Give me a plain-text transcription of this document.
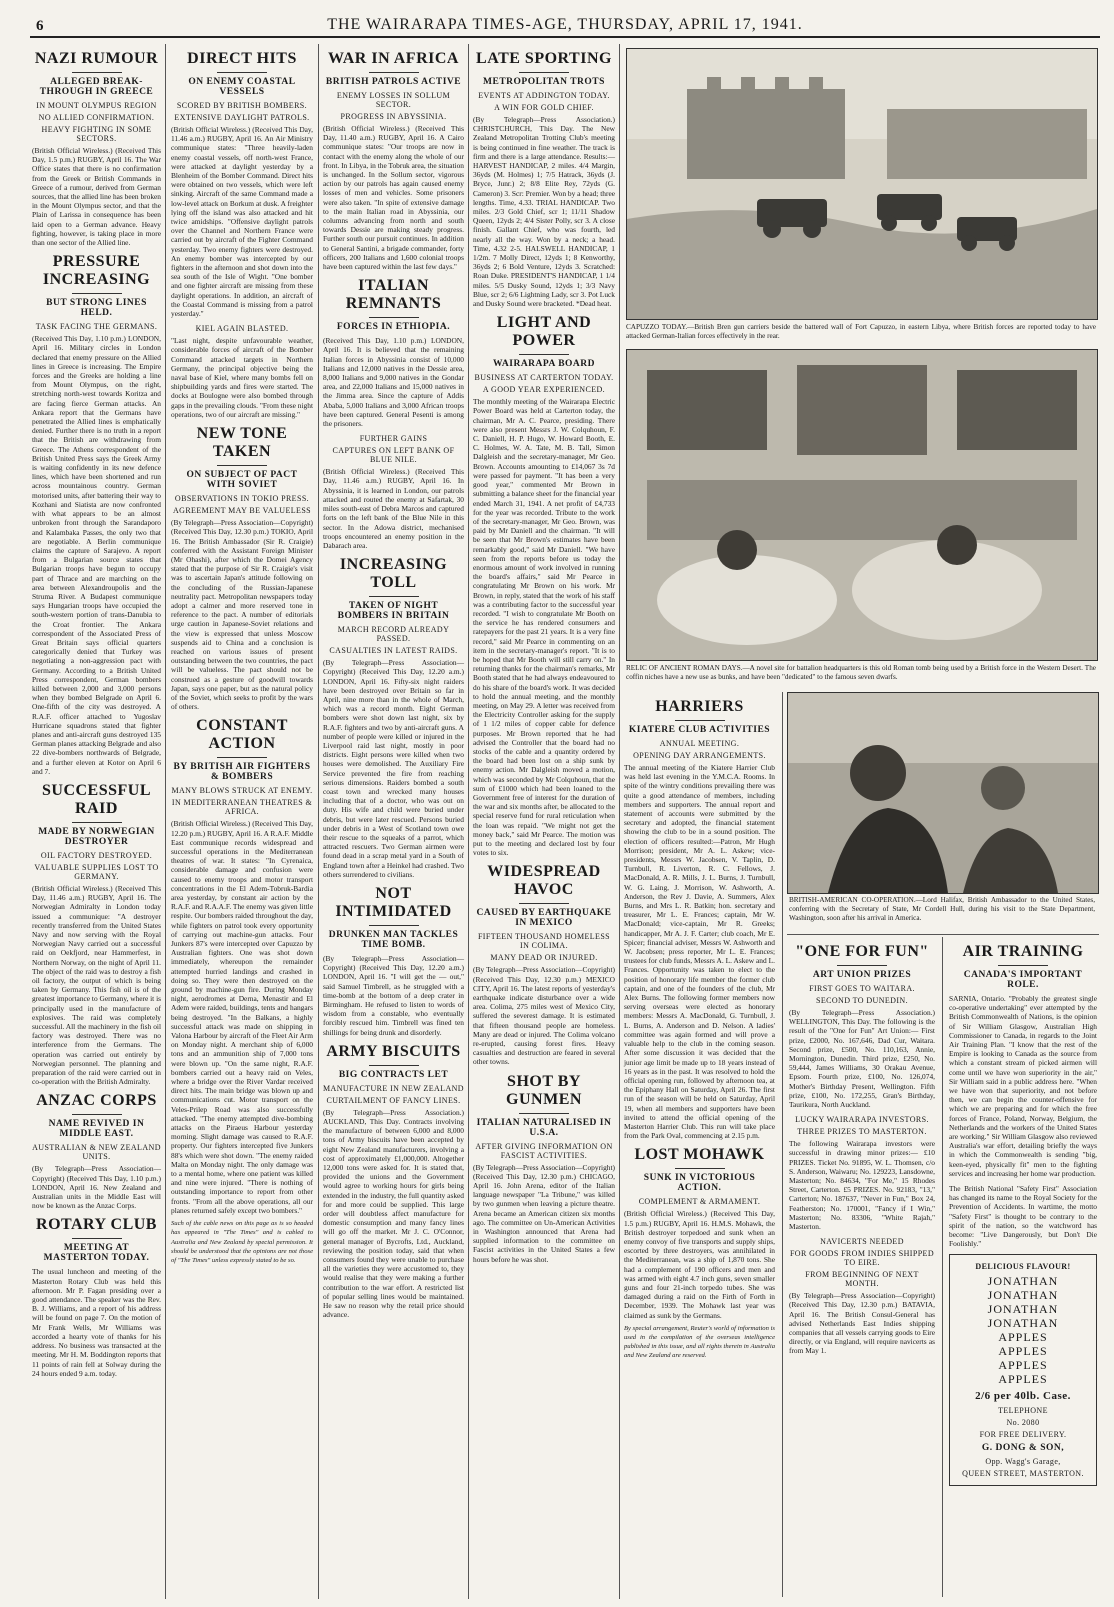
6	THE WAIRARAPA TIMES-AGE, THURSDAY, APRIL 17, 1941.
NAZI RUMOUR
ALLEGED BREAK-THROUGH IN GREECE
IN MOUNT OLYMPUS REGION
NO ALLIED CONFIRMATION.
HEAVY FIGHTING IN SOME SECTORS.

(British Official Wireless.) (Received This Day, 1.5 p.m.) RUGBY, April 16. The War Office states that there is no confirmation from the Greek or British Commands in Greece of a rumour, derived from German sources, that the allied line has been broken in the Mount Olympus sector, and that the Plain of Larissa in consequence has been laid open to a German advance. Heavy fighting, however, is taking place in more than one sector of the Allied line.

PRESSURE INCREASING
BUT STRONG LINES HELD.
TASK FACING THE GERMANS.

(Received This Day, 1.10 p.m.) LONDON, April 16. Military circles in London declared that enemy pressure on the Allied lines in Greece is increasing. The Empire forces and the Greeks are holding a line from Mount Olympus, on the right, stretching north-west towards Koritza and are facing fierce German attacks. An Ankara report that the Germans have penetrated the Allied lines is emphatically denied. Further there is no truth in a report that the British are withdrawing from Greece. The Athens correspondent of the British United Press says the Greek Army is waiting confidently in its new defence lines, which have been shortened and run across mountainous country. German motorised units, after battering their way to Kozhani and Siatista are now confronted with what appears to be an almost unbroken front through the Sarandaporo and Kalambaka Passes, the only two that are negotiable. A Berlin communique claims the capture of Sarajevo. A report from a Bulgarian source states that Bulgarian troops have begun to occupy part of Thrace and are marching on the area between Alexandroupolis and the Struma River. A Budapest communique says Hungarian troops have occupied the south-western portion of trans-Danubia to the Croat frontier. The Ankara correspondent of the Associated Press of Great Britain says official quarters categorically denied that Turkey was negotiating a non-aggression pact with Germany. According to a British United Press correspondent, German bombers killed between 2,000 and 3,000 persons when they bombed Belgrade on April 6. One-fifth of the city was destroyed. A R.A.F. officer attached to Yugoslav Hurricane squadrons stated that fighter planes and anti-aircraft guns destroyed 135 German planes attacking Belgrade and also 22 dive-bombers northwards of Belgrade, and a further eleven at Kotor on April 6 and 7.

SUCCESSFUL RAID
MADE BY NORWEGIAN DESTROYER
OIL FACTORY DESTROYED.
VALUABLE SUPPLIES LOST TO GERMANY.

(British Official Wireless.) (Received This Day, 11.46 a.m.) RUGBY, April 16. The Norwegian Admiralty in London today issued a communique: "A destroyer recently transferred from the United States Navy and now serving with the Royal Norwegian Navy carried out a successful raid on Oekfjord, near Hammerfest, in Northern Norway, on the night of April 11. The object of the raid was to destroy a fish oil factory, the output of which is being taken by Germany. This fish oil is of the greatest importance to Germany, where it is principally used in the manufacture of explosives. The raid was completely successful. All the machinery in the fish oil factory was destroyed. There was no interference from the Germans. The operation was carried out entirely by Norwegian personnel. The planning and preparation of the raid were carried out in co-operation with the British Admiralty.

ANZAC CORPS
NAME REVIVED IN MIDDLE EAST.
AUSTRALIAN & NEW ZEALAND UNITS.

(By Telegraph—Press Association—Copyright) (Received This Day, 1.10 p.m.) LONDON, April 16. New Zealand and Australian units in the Middle East will now be known as the Anzac Corps.

ROTARY CLUB
MEETING AT MASTERTON TODAY.

The usual luncheon and meeting of the Masterton Rotary Club was held this afternoon. Mr P. Fagan presiding over a good attendance. The speaker was the Rev. B. J. Williams, and a report of his address will be found on page 7. On the motion of Mr Frank Wells, Mr Williams was accorded a hearty vote of thanks for his address. No business was transacted at the meeting. Mr H. M. Boddington reports that 11 points of rain fell at Solway during the 24 hours ended 9 a.m. today.

DIRECT HITS
ON ENEMY COASTAL VESSELS
SCORED BY BRITISH BOMBERS.
EXTENSIVE DAYLIGHT PATROLS.

(British Official Wireless.) (Received This Day, 11.46 a.m.) RUGBY, April 16. An Air Ministry communique states: "Three heavily-laden enemy coastal vessels, off north-west France, were attacked at daylight yesterday by a Blenheim of the Bomber Command. Direct hits were obtained on two vessels, which were left sinking. Aircraft of the same Command made a low-level attack on Borkum at dusk. A freighter lying off the island was also attacked and hit twice amidships. "Offensive daylight patrols over the Channel and Northern France were carried out by aircraft of the Fighter Command yesterday. Two enemy fighters were destroyed. An enemy bomber was intercepted by our fighters in the afternoon and shot down into the sea south of the Isle of Wight. "One bomber and one fighter aircraft are missing from these daylight operations. In addition, an aircraft of the Coastal Command is missing from a patrol yesterday."

KIEL AGAIN BLASTED.

"Last night, despite unfavourable weather, considerable forces of aircraft of the Bomber Command attacked targets in Northern Germany, the principal objective being the naval base of Kiel, where many bombs fell on shipbuilding yards and fires were started. The docks at Boulogne were also bombed through gaps in the prevailing clouds. "From these night operations, two of our aircraft are missing."

NEW TONE TAKEN
ON SUBJECT OF PACT WITH SOVIET
OBSERVATIONS IN TOKIO PRESS.
AGREEMENT MAY BE VALUELESS

(By Telegraph—Press Association—Copyright) (Received This Day, 12.30 p.m.) TOKIO, April 16. The British Ambassador (Sir R. Craigie) conferred with the Assistant Foreign Minister (Mr Ohashi), after which the Domei Agency stated that the purpose of Sir R. Craigie's visit was to ascertain Japan's attitude following on the concluding of the Russian-Japanese neutrality pact. Metropolitan newspapers today adopt a calmer and more reserved tone in reference to the pact. A number of editorials urge caution in Japanese-Soviet relations and the view is expressed that unless Moscow suspends aid to China and a conclusion is reached on various issues of present outstanding between the two countries, the pact will be valueless. The pact should not be construed as a gesture of goodwill towards Japan, says one paper, but as the natural policy of the Soviet, which seeks to profit by the wars of others.

CONSTANT ACTION
BY BRITISH AIR FIGHTERS & BOMBERS
MANY BLOWS STRUCK AT ENEMY.
IN MEDITERRANEAN THEATRES & AFRICA.

(British Official Wireless.) (Received This Day, 12.20 p.m.) RUGBY, April 16. A R.A.F. Middle East communique records widespread and successful operations in the Mediterranean theatres of war. It states: "In Cyrenaica, considerable damage and confusion were caused to enemy troops and motor transport concentrations in the El Adem-Tobruk-Bardia area yesterday, by constant air action by the R.A.F. and R.A.A.F. The enemy was given little respite. Our bombers raided throughout the day, while fighters on patrol took every opportunity of carrying out machine-gun attacks. Four Junkers 87's were intercepted over Capuzzo by Australian fighters. One was shot down immediately, whereupon the remainder attempted hurried landings and crashed in doing so. They were then destroyed on the ground by machine-gun fire. During Monday night, aerodromes at Derna, Menastir and El Adem were raided, buildings, tents and hangars being destroyed. "In the Balkans, a highly successful attack was made on shipping in Valona Harbour by aircraft of the Fleet Air Arm on Monday night. A merchant ship of 6,000 tons and an ammunition ship of 7,000 tons were blown up. "On the same night, R.A.F. bombers carried out a heavy raid on Veles, where a bridge over the River Vardar received direct hits. The main bridge was blown up and communications cut. Motor transport on the Veles-Prilep Road was also successfully attacked. "The enemy attempted dive-bombing attacks on the Piraeus Harbour yesterday morning. Slight damage was caused to R.A.F. property. Our fighters intercepted five Junkers 88's which were shot down. "The enemy raided Malta on Monday night. The only damage was to a mental home, where one patient was killed and nine were injured. "There is nothing of outstanding importance to report from other fronts. "From all the above operations, all our planes returned safely except two bombers."

Such of the cable news on this page as is so headed has appeared in "The Times" and is cabled to Australia and New Zealand by special permission. It should be understood that the opinions are not those of "The Times" unless expressly stated to be so.

WAR IN AFRICA
BRITISH PATROLS ACTIVE
ENEMY LOSSES IN SOLLUM SECTOR.
PROGRESS IN ABYSSINIA.

(British Official Wireless.) (Received This Day, 11.40 a.m.) RUGBY, April 16. A Cairo communique states: "Our troops are now in contact with the enemy along the whole of our front. In Libya, in the Tobruk area, the situation is unchanged. In the Sollum sector, vigorous action by our patrols has again caused enemy losses of men and vehicles. Some prisoners were also taken. "In spite of extensive damage to the main Italian road in Abyssinia, our columns advancing from north and south towards Dessie are making steady progress. Further south our pursuit continues. In addition to General Santini, a brigade commander, forty officers, 200 Italians and 1,600 colonial troops have been captured within the last few days."

ITALIAN REMNANTS
FORCES IN ETHIOPIA.

(Received This Day, 1.10 p.m.) LONDON, April 16. It is believed that the remaining Italian forces in Abyssinia consist of 10,000 Italians and 12,000 natives in the Dessie area, 8,000 Italians and 9,000 natives in the Gondar area, and 22,000 Italians and 15,000 natives in the Jimma area. Since the capture of Addis Ababa, 5,000 Italians and 3,000 African troops have been captured. General Pesenti is among the prisoners.

FURTHER GAINS
CAPTURES ON LEFT BANK OF BLUE NILE.

(British Official Wireless.) (Received This Day, 11.46 a.m.) RUGBY, April 16. In Abyssinia, it is learned in London, our patrols attacked and routed the enemy at Safartak, 30 miles south-east of Debra Marcos and captured forts on the left bank of the Blue Nile in this sector. In the Adowa district, mechanised troops encountered an enemy position in the Dabarach area.

INCREASING TOLL
TAKEN OF NIGHT BOMBERS IN BRITAIN
MARCH RECORD ALREADY PASSED.
CASUALTIES IN LATEST RAIDS.

(By Telegraph—Press Association—Copyright) (Received This Day, 12.20 a.m.) LONDON, April 16. Fifty-six night raiders have been destroyed over Britain so far in April, nine more than in the whole of March, which was a record month. Eight German bombers were shot down last night, six by R.A.F. fighters and two by anti-aircraft guns. A number of people were killed or injured in the Liverpool raid last night, mostly in poor districts. Eight persons were killed when two houses were demolished. The Auxiliary Fire Service prevented the fire from reaching serious dimensions. Raiders bombed a south coast town and wrecked many houses including that of a doctor, who was out on duty. His wife and child were buried under debris, but were later rescued. Persons buried under debris in a West of Scotland town owe their rescue to the squeaks of a parrot, which attracted rescuers. Two German airmen were found dead in a scrap metal yard in a South of England town after a Heinkel had crashed. Two others surrendered to civilians.

NOT INTIMIDATED
DRUNKEN MAN TACKLES TIME BOMB.

(By Telegraph—Press Association—Copyright) (Received This Day, 12.20 a.m.) LONDON, April 16. "I will get the — out," said Samuel Timbrell, as he struggled with a time-bomb at the bottom of a deep crater in Birmingham. He refused to listen to words of wisdom from a constable, who eventually forcibly rescued him. Timbrell was fined ten shillings for being drunk and disorderly.

ARMY BISCUITS
BIG CONTRACTS LET
MANUFACTURE IN NEW ZEALAND
CURTAILMENT OF FANCY LINES.

(By Telegraph—Press Association.) AUCKLAND, This Day. Contracts involving the manufacture of between 6,000 and 8,000 tons of Army biscuits have been accepted by eight New Zealand manufacturers, involving a cost of approximately £1,000,000. Altogether 12,000 tons were asked for. It is stated that, provided the unions and the Government would agree to working hours for girls being extended in the industry, the full quantity asked for and more could be supplied. This large order will doubtless affect manufacture for domestic consumption and many fancy lines will go off the market. Mr J. C. O'Connor, general manager of Bycrofts, Ltd., Auckland, reviewing the position today, said that when consumers found they were unable to purchase all the varieties they were accustomed to, they would realise that they were making a further contribution to the war effort. A restricted list of popular selling lines would be maintained. He saw no reason why the retail price should advance.

LATE SPORTING
METROPOLITAN TROTS
EVENTS AT ADDINGTON TODAY.
A WIN FOR GOLD CHIEF.

(By Telegraph—Press Association.) CHRISTCHURCH, This Day. The New Zealand Metropolitan Trotting Club's meeting is being continued in fine weather. The track is firm and there is a large attendance. Results:— HARVEST HANDICAP, 2 miles. 4/4 Margin, 36yds (M. Holmes) 1; 7/5 Hatrack, 36yds (J. Bryce, Junr.) 2; 8/8 Elite Rey, 72yds (G. Cameron) 3. Scr: Premier. Won by a head; three lengths. Time, 4.33. TRIAL HANDICAP. Two miles. 2/3 Gold Chief, scr 1; 11/11 Shadow Queen, 12yds 2; 4/4 Sister Polly, scr 3. A close finish. Gallant Chief, who was fourth, led nearly all the way. Won by a neck; a head. Time, 4.32 2-5. HALSWELL HANDICAP, 1 1/2m. 7 Molly Direct, 12yds 1; 8 Kenworthy, 36yds 2; 6 Bold Venture, 12yds 3. Scratched: Roan Duke. PRESIDENT'S HANDICAP, 1 1/4 miles. 5/5 Dusky Sound, 12yds 1; 3/3 Navy Blue, scr 2; 6/6 Lightning Lady, scr 3. Pot Luck and Dusky Sound were bracketed. *Dead heat.

LIGHT AND POWER
WAIRARAPA BOARD
BUSINESS AT CARTERTON TODAY.
A GOOD YEAR EXPERIENCED.

The monthly meeting of the Wairarapa Electric Power Board was held at Carterton today, the chairman, Mr A. C. Pearce, presiding. There were also present Messrs J. W. Colquhoun, F. C. Daniell, H. P. Hugo, W. Howard Booth, E. C. Holmes, W. A. Tate, M. B. Tall, Simon Dalgleish and the secretary-manager, Mr Geo. Brown. Accounts amounting to £14,067 3s 7d were passed for payment. "It has been a very good year," commented Mr Brown in submitting a balance sheet for the financial year ended March 31, 1941. A net profit of £4,733 for the year was recorded. Tribute to the work of the secretary-manager, Mr Geo. Brown, was paid by Mr Daniell and the chairman. "It will be seen that Mr Brown's estimates have been remarkably good," said Mr Daniell. "We have seen from the reports before us today the enormous amount of work involved in running the board's affairs," said Mr Pearce in congratulating Mr Brown on his work. Mr Brown, in reply, stated that the work of his staff was a contributing factor to the successful year recorded. "I wish to congratulate Mr Booth on the service he has rendered consumers and ratepayers for the past 21 years. It is a very fine record," said Mr Pearce in commenting on an item in the secretary-manager's report. "It is to be hoped that Mr Booth will still carry on." In returning thanks for the chairman's remarks, Mr Booth stated that he had always endeavoured to do his share of the board's work. It was decided to hold the annual meeting, and the monthly meeting, on May 29. A letter was received from the Electricity Controller asking for the supply of 1 1/2 miles of copper cable for defence purposes. Mr Brown reported that he had advised the Controller that the board had no stocks of the cable and a quantity ordered by the board had been lost on a ship sunk by enemy action. Mr Dalgleish moved a motion, which was seconded by Mr Colquhoun, that the sum of £1000 which had been loaned to the Government free of interest for the duration of the war and six months after, be allocated to the special reserve fund for rural reticulation when the loan was repaid. "We might not get the money back," said Mr Pearce. The motion was put to the meeting and declared lost by four votes to six.

WIDESPREAD HAVOC
CAUSED BY EARTHQUAKE IN MEXICO
FIFTEEN THOUSAND HOMELESS IN COLIMA.
MANY DEAD OR INJURED.

(By Telegraph—Press Association—Copyright) (Received This Day, 12.30 p.m.) MEXICO CITY, April 16. The latest reports of yesterday's earthquake indicate disturbance over a wide area. Colima, 275 miles west of Mexico City, suffered the severest damage. It is estimated that fifteen thousand people are homeless. Many are dead or injured. The Colima volcano re-erupted, causing forest fires. Heavy casualties and destruction are feared in several other towns.

SHOT BY GUNMEN
ITALIAN NATURALISED IN U.S.A.
AFTER GIVING INFORMATION ON FASCIST ACTIVITIES.

(By Telegraph—Press Association—Copyright) (Received This Day, 12.30 p.m.) CHICAGO, April 16. John Arena, editor of the Italian language newspaper "La Tribune," was killed by two gunmen when leaving a picture theatre. Arena became an American citizen six months ago. The committee on Un-American Activities in Washington announced that Arena had supplied information to the committee on Fascist activities in the United States a few hours before he was shot.

CAPUZZO TODAY.—British Bren gun carriers beside the battered wall of Fort Capuzzo, in eastern Libya, where British forces are reported today to have attacked German-Italian forces effectively in the rear.
RELIC OF ANCIENT ROMAN DAYS.—A novel site for battalion headquarters is this old Roman tomb being used by a British force in the Western Desert. The coffin niches have a new use as bunks, and have been "dedicated" to the famous seven dwarfs.
HARRIERS
KIATERE CLUB ACTIVITIES
ANNUAL MEETING.
OPENING DAY ARRANGEMENTS.

The annual meeting of the Kiatere Harrier Club was held last evening in the Y.M.C.A. Rooms. In spite of the wintry conditions prevailing there was quite a good attendance of members, including members and supporters. The annual report and statement of accounts were submitted by the secretary and adopted, the financial statement showing the club to be in a sound position. The election of officers resulted:—Patron, Mr Hugh Morrison; president, Mr A. L. Askew; vice-presidents, Messrs W. Jacobsen, V. Taplin, D. Turnbull, R. Liverton, R. C. Fellows, J. MacDonald, A. R. Mills, J. L. Burns, J. Turnbull, W. G. Laing, J. Morrison, W. Ashworth, A. Anderson, the Rev J. Davie, A. Summers, Alex Burns, and Mrs L. R. Batkin; hon. secretary and treasurer, Mr L. E. Frances; captain, Mr W. MacDonald; vice-captain, Mr R. Greeks; handicapper, Mr A. J. F. Carter; club coach, Mr E. Spicer; financial adviser, Messrs W. Ashworth and W. Jacobsen; press reporter, Mr L. E. Frances; trustees for club funds, Messrs A. L. Askew and L. Frances. Opportunity was taken to elect to the position of honorary life member the former club captain, and one of the founders of the club, Mr Alex Burns. The following former members now serving overseas were elected as honorary members: Messrs A. MacDonald, G. Turnbull, J. L. Burns, A. Anderson and D. Nelson. A ladies' committee was again formed and will prove a valuable help to the club in the coming season. After some discussion it was decided that the junior age limit be made up to 18 years instead of 16 years as in the past. It was resolved to hold the official opening run, followed by afternoon tea, at the Epiphany Hall on Saturday, April 26. The first run of the season will be held on Saturday, April 19, when all members and supporters have been invited to attend the official opening of the Masterton Harrier Club. This run will take place from the Park Oval, commencing at 2.15 p.m.

LOST MOHAWK
SUNK IN VICTORIOUS ACTION.
COMPLEMENT & ARMAMENT.

(British Official Wireless.) (Received This Day, 1.5 p.m.) RUGBY, April 16. H.M.S. Mohawk, the British destroyer torpedoed and sunk when an enemy convoy of five transports and supply ships, escorted by three destroyers, was annihilated in the Mediterranean, was a ship of 1,870 tons. She had a complement of 190 officers and men and was armed with eight 4.7 inch guns, seven smaller guns and four 21-inch torpedo tubes. She was damaged during a raid on the Firth of Forth in December, 1939. The Mohawk last year was claimed as sunk by the Germans.

By special arrangement, Reuter's world of information is used in the compilation of the overseas intelligence published in this issue, and all rights therein in Australia and New Zealand are reserved.

BRITISH-AMERICAN CO-OPERATION.—Lord Halifax, British Ambassador to the United States, conferring with the Secretary of State, Mr Cordell Hull, during his visit to the State Department, Washington, soon after his arrival in America.
"ONE FOR FUN"
ART UNION PRIZES
FIRST GOES TO WAITARA.
SECOND TO DUNEDIN.

(By Telegraph—Press Association.) WELLINGTON, This Day. The following is the result of the "One for Fun" Art Union:— First prize, £2000, No. 167,646, Dad Cur, Waitara. Second prize, £500, No. 110,163, Annie, Mornington, Dunedin. Third prize, £250, No. 59,444, James Williams, 30 Orakau Avenue, Epsom. Fourth prize, £100, No. 126,074, Mother's Birthday Present, Wellington. Fifth prize, £100, No. 172,255, Gran's Birthday, Taurikura, North Auckland.

LUCKY WAIRARAPA INVESTORS.
THREE PRIZES TO MASTERTON.

The following Wairarapa investors were successful in drawing minor prizes:— £10 PRIZES. Ticket No. 91895, W. L. Thomsen, c/o S. Anderson, Waiwaru; No. 129223, Lansdowne, Masterton; No. 84634, "For Me," 15 Rhodes Street, Carterton. £5 PRIZES. No. 92183, "13," Carterton; No. 187637, "Never in Fun," Box 24, Featherston; No. 170001, "Fancy if I Win," Masterton; No. 83306, "White Rajah," Masterton.

NAVICERTS NEEDED
FOR GOODS FROM INDIES SHIPPED TO EIRE.
FROM BEGINNING OF NEXT MONTH.

(By Telegraph—Press Association—Copyright) (Received This Day, 12.30 p.m.) BATAVIA, April 16. The British Consul-General has advised Netherlands East Indies shipping companies that all vessels carrying goods to Eire directly, or via England, will require navicerts as from May 1.

AIR TRAINING
CANADA'S IMPORTANT ROLE.

SARNIA, Ontario. "Probably the greatest single co-operative undertaking" ever attempted by the British Commonwealth of Nations, is the opinion of Sir William Glasgow, Australian High Commissioner to Canada, in regards to the Joint Air Training Plan. "I know that the rest of the Empire is looking to Canada as the source from which a constant stream of picked airmen will come until we have won superiority in the air," Sir William said in a public address here. "When we have won that superiority, and not before then, we can begin the counter-offensive for which we are preparing and for which the free forces of France, Poland, Norway, Belgium, the Netherlands and the workers of the United States are working." Sir William Glasgow also reviewed Australia's war effort, detailing briefly the ways in which the Commonwealth is sending "big, keen-eyed, physically fit" men to the fighting services and increasing her home war production.

The British National "Safety First" Association has changed its name to the Royal Society for the Prevention of Accidents. In wartime, the motto "Safety First" is thought to be contrary to the spirit of the nation, so the watchword has become: "Live Dangerously, but Don't Die Foolishly."

DELICIOUS FLAVOUR!
JONATHAN
JONATHAN
JONATHAN
JONATHAN
APPLES
APPLES
APPLES
APPLES
2/6 per 40lb. Case.
TELEPHONE
No. 2080
FOR FREE DELIVERY.
G. DONG & SON,
Opp. Wagg's Garage,
QUEEN STREET, MASTERTON.
